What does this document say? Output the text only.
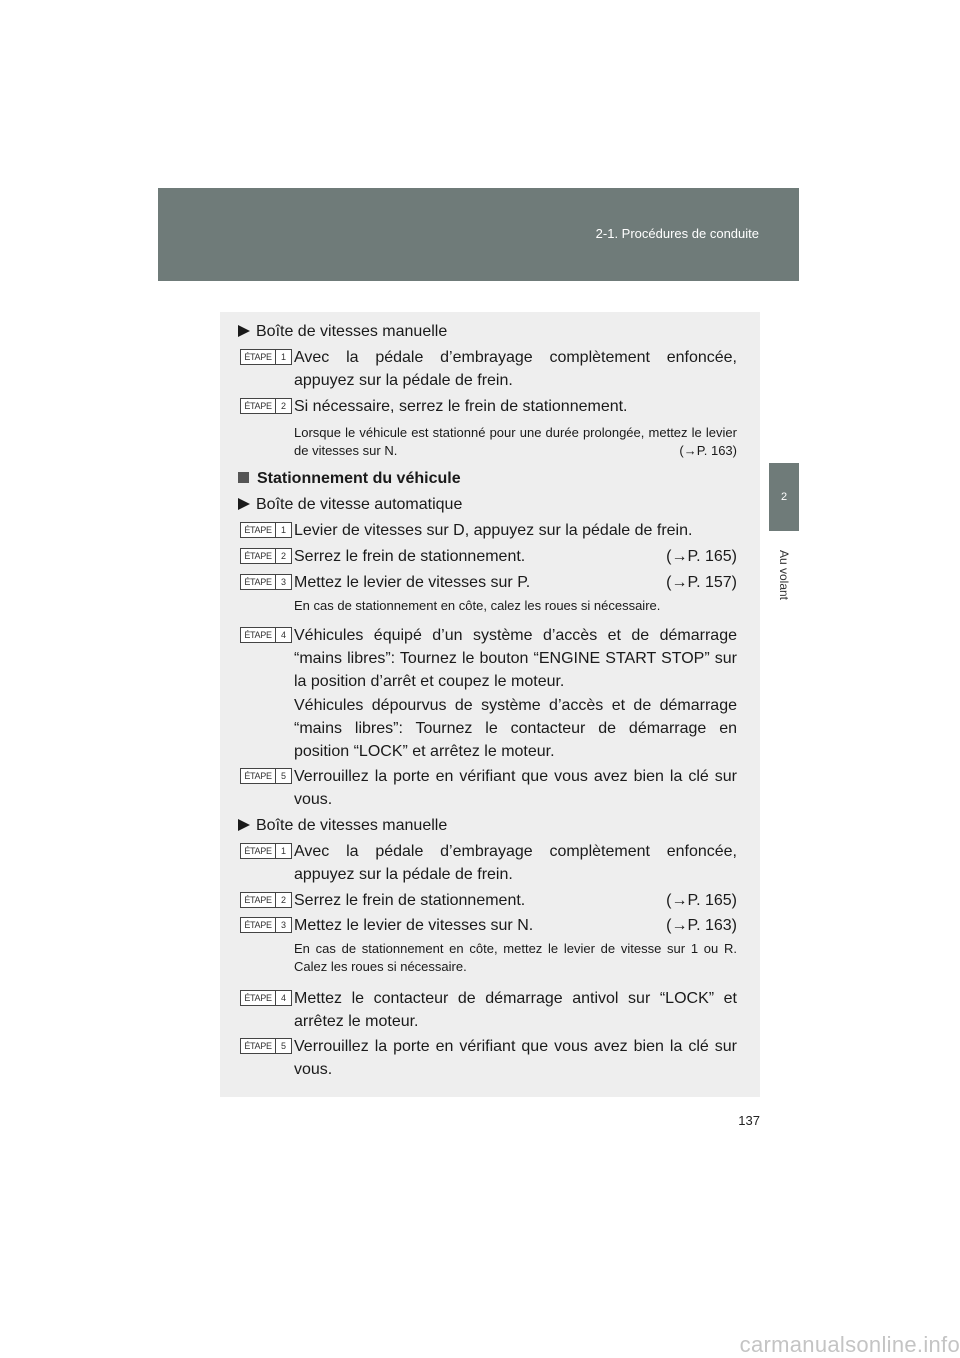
2-1. Procédures de conduite
2
Au volant
Boîte de vitesses manuelle
ÉTAPE	1 Avec la pédale d’embrayage complètement enfoncée, appuyez sur la pédale de frein.
ÉTAPE	2 Si nécessaire, serrez le frein de stationnement.
Lorsque le véhicule est stationné pour une durée prolongée, mettez le levier de vitesses sur N.	(→P. 163)
Stationnement du véhicule
Boîte de vitesse automatique
ÉTAPE	1 Levier de vitesses sur D, appuyez sur la pédale de frein.
ÉTAPE	2 Serrez le frein de stationnement.	(→P. 165)
ÉTAPE	3 Mettez le levier de vitesses sur P.	(→P. 157)
En cas de stationnement en côte, calez les roues si nécessaire.
ÉTAPE	4 Véhicules équipé d’un système d’accès et de démarrage “mains libres”: Tournez le bouton “ENGINE START STOP” sur la position d’arrêt et coupez le moteur.
Véhicules dépourvus de système d’accès et de démarrage “mains libres”: Tournez le contacteur de démarrage en position “LOCK” et arrêtez le moteur.
ÉTAPE	5 Verrouillez la porte en vérifiant que vous avez bien la clé sur vous.
Boîte de vitesses manuelle
ÉTAPE	1 Avec la pédale d’embrayage complètement enfoncée, appuyez sur la pédale de frein.
ÉTAPE	2 Serrez le frein de stationnement.	(→P. 165)
ÉTAPE	3 Mettez le levier de vitesses sur N.	(→P. 163)
En cas de stationnement en côte, mettez le levier de vitesse sur 1 ou R. Calez les roues si nécessaire.
ÉTAPE	4 Mettez le contacteur de démarrage antivol sur “LOCK” et arrêtez le moteur.
ÉTAPE	5 Verrouillez la porte en vérifiant que vous avez bien la clé sur vous.
137
carmanualsonline.info
